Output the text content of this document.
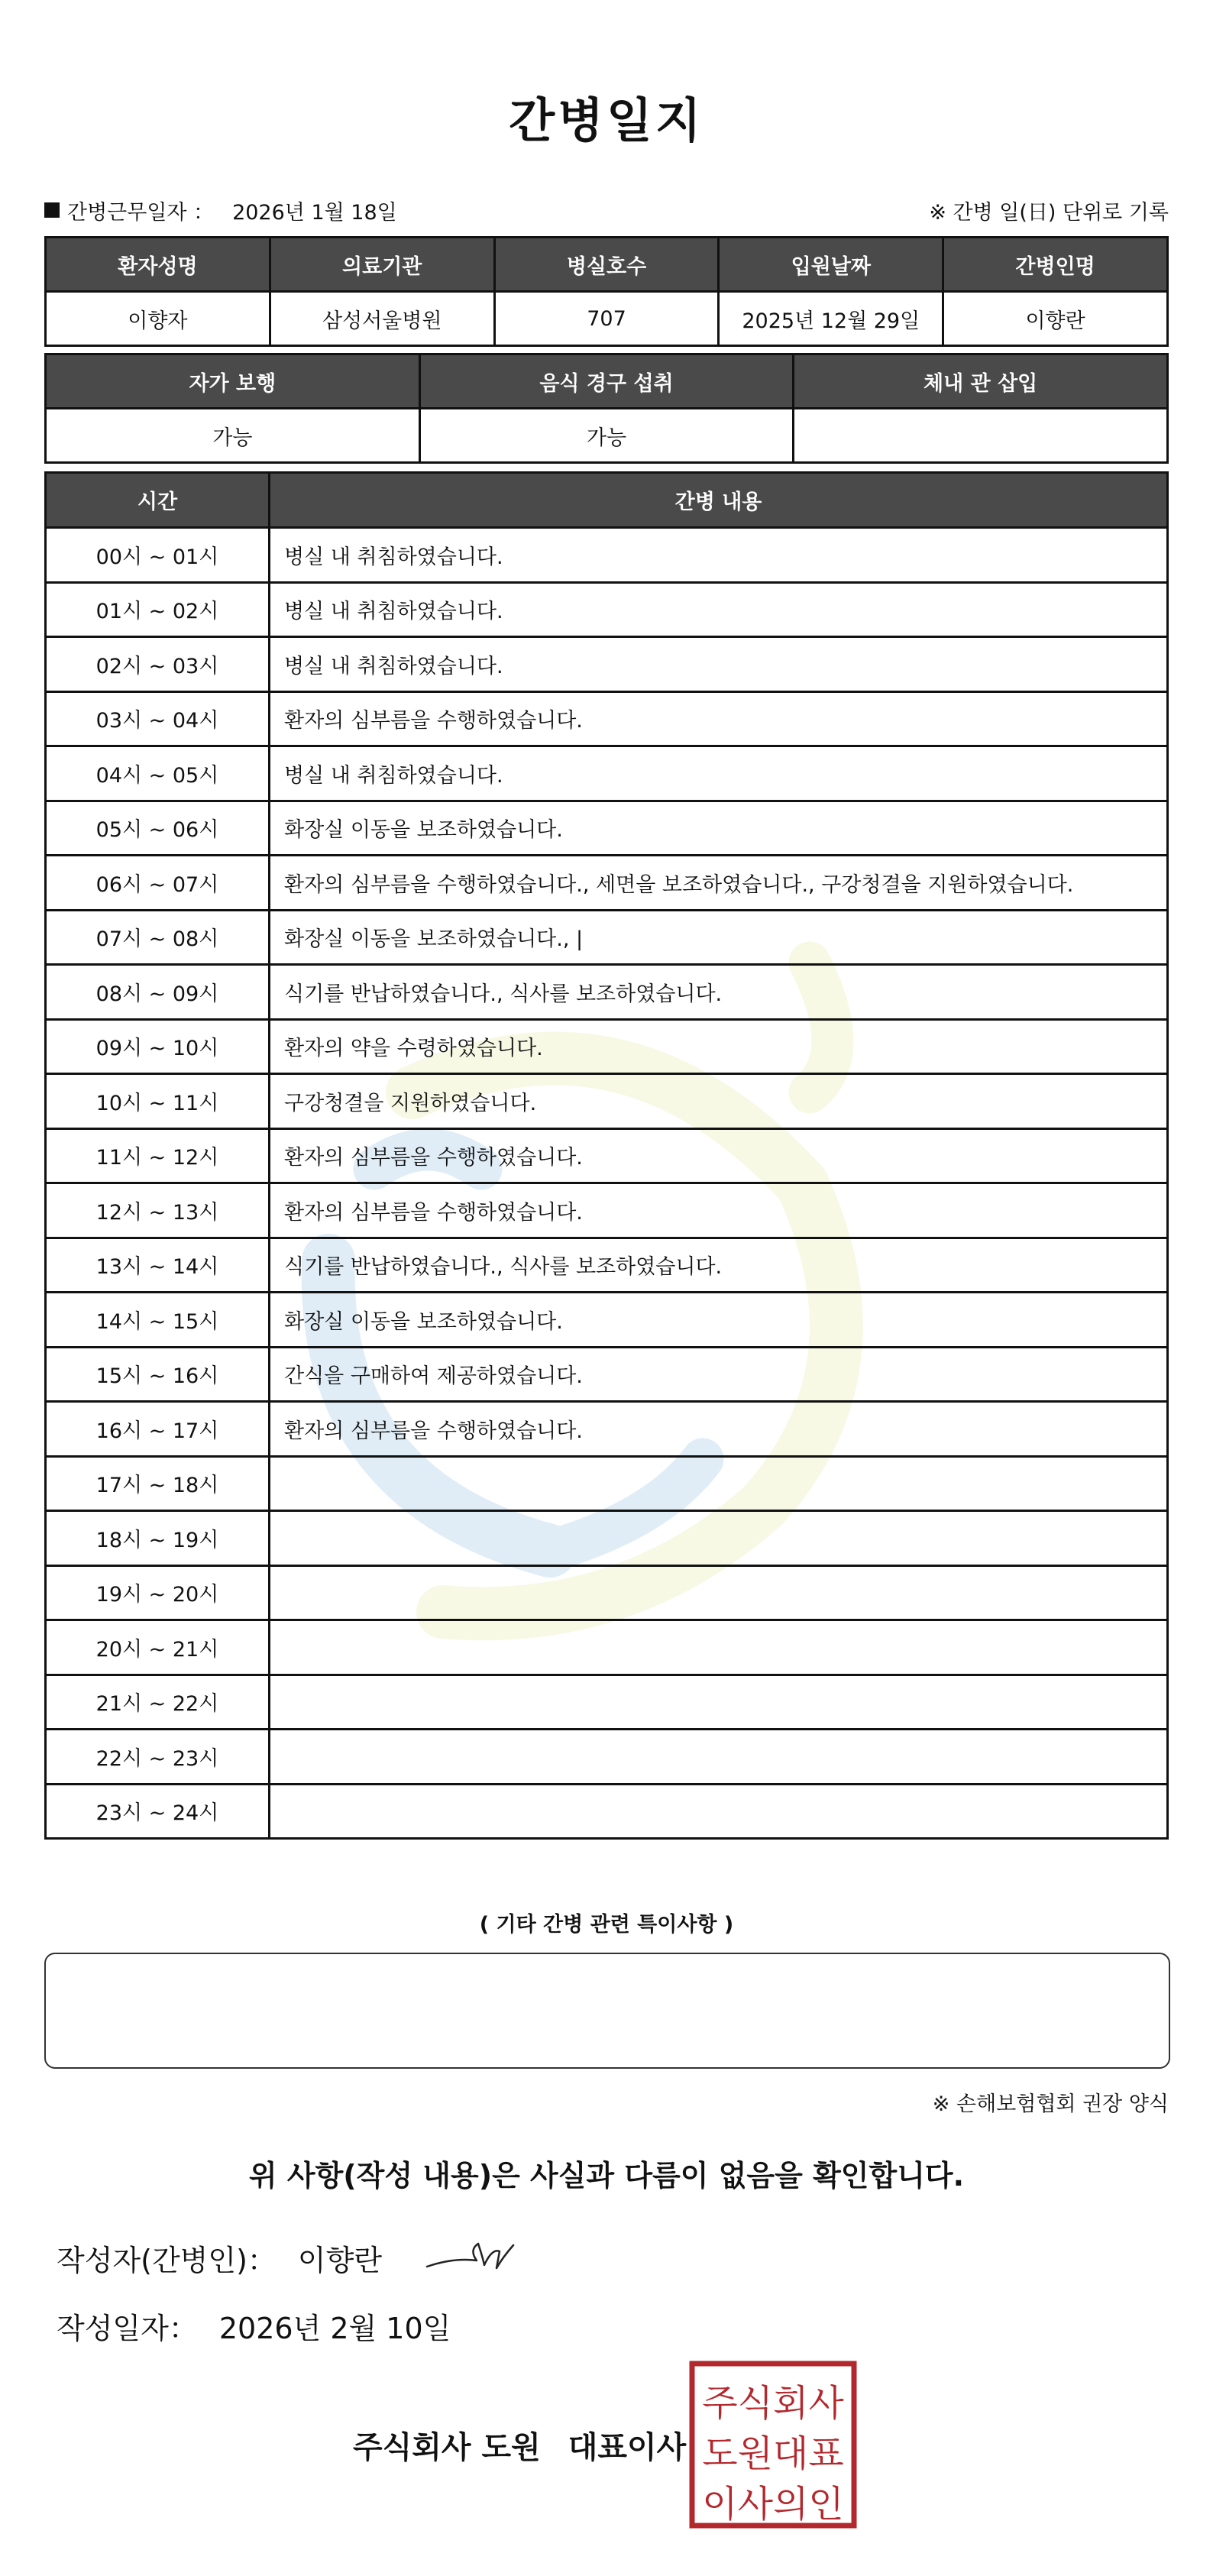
간병일지
간병근무일자 ： 2026년 1월 18일	※ 간병 일(日) 단위로 기록
환자성명	의료기관	병실호수	입원날짜	간병인명
이향자	삼성서울병원	707	2025년 12월 29일	이향란
자가 보행	음식 경구 섭취	체내 관 삽입
가능	가능	
시간	간병 내용
00시 ~ 01시	병실 내 취침하였습니다.
01시 ~ 02시	병실 내 취침하였습니다.
02시 ~ 03시	병실 내 취침하였습니다.
03시 ~ 04시	환자의 심부름을 수행하였습니다.
04시 ~ 05시	병실 내 취침하였습니다.
05시 ~ 06시	화장실 이동을 보조하였습니다.
06시 ~ 07시	환자의 심부름을 수행하였습니다., 세면을 보조하였습니다., 구강청결을 지원하였습니다.
07시 ~ 08시	화장실 이동을 보조하였습니다., |
08시 ~ 09시	식기를 반납하였습니다., 식사를 보조하였습니다.
09시 ~ 10시	환자의 약을 수령하였습니다.
10시 ~ 11시	구강청결을 지원하였습니다.
11시 ~ 12시	환자의 심부름을 수행하였습니다.
12시 ~ 13시	환자의 심부름을 수행하였습니다.
13시 ~ 14시	식기를 반납하였습니다., 식사를 보조하였습니다.
14시 ~ 15시	화장실 이동을 보조하였습니다.
15시 ~ 16시	간식을 구매하여 제공하였습니다.
16시 ~ 17시	환자의 심부름을 수행하였습니다.
17시 ~ 18시	
18시 ~ 19시	
19시 ~ 20시	
20시 ~ 21시	
21시 ~ 22시	
22시 ~ 23시	
23시 ~ 24시	
( 기타 간병 관련 특이사항 )
※ 손해보험협회 권장 양식
위 사항(작성 내용)은 사실과 다름이 없음을 확인합니다.
작성자(간병인)： 이향란
작성일자： 2026년 2월 10일
주식회사 도원 대표이사
주식회사
도원대표
이사의인
